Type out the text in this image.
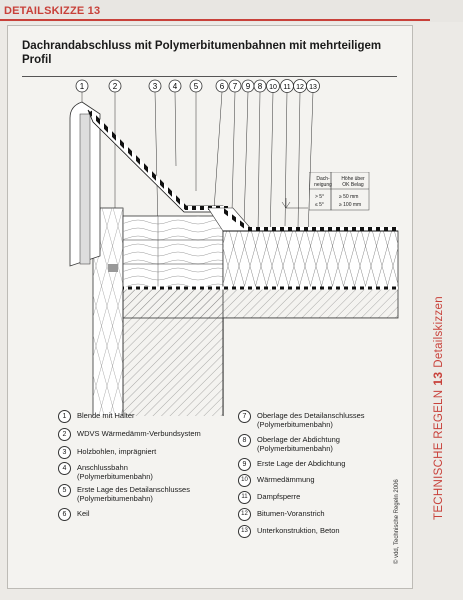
DETAILSKIZZE 13
Dachrandabschluss mit Polymerbitumenbahnen mit mehrteiligem Profil
1	2	3 4 5	6 7 9 8 10 11 12 13
Dach-
neigung
Höhe über
OK Belag
> 5°	≥ 50 mm
≤ 5°	≥ 100 mm
1	Blende mit Halter
2	WDVS Wärmedämm-Verbundsystem
3	Holzbohlen, imprägniert
4	Anschlussbahn
(Polymerbitumenbahn)
5	Erste Lage des Detailanschlusses
(Polymerbitumenbahn)
6	Keil
7	Oberlage des Detailanschlusses
(Polymerbitumenbahn)
8	Oberlage der Abdichtung
(Polymerbitumenbahn)
9	Erste Lage der Abdichtung
10	Wärmedämmung
11	Dampfsperre
12	Bitumen-Voranstrich
13	Unterkonstruktion, Beton	© vdd, Technische Regeln 2006
TECHNISCHE REGELN13Detailskizzen
